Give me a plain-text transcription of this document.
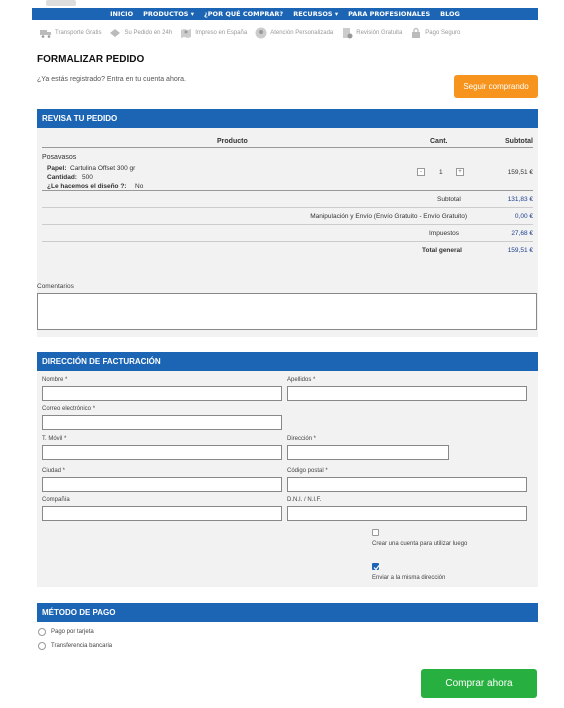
INICIO PRODUCTOS ▾ ¿POR QUÉ COMPRAR? RECURSOS ▾ PARA PROFESIONALES BLOG
Transporte Gratis	Su Pedido en 24h	Impreso en España	Atención Personalizada	Revisión Gratuita	Pago Seguro
FORMALIZAR PEDIDO
¿Ya estás registrado? Entra en tu cuenta ahora.
Seguir comprando
REVISA TU PEDIDO
Producto	Cant.	Subtotal
Posavasos
Papel: Cartulina Offset 300 gr
Cantidad: 500
¿Le hacemos el diseño ?: No
-	1	+	159,51 €
Subtotal	131,83 €
Manipulación y Envío (Envío Gratuito - Envío Gratuito)	0,00 €
Impuestos	27,68 €
Total general	159,51 €
Comentarios
DIRECCIÓN DE FACTURACIÓN
Nombre *	Apellidos *
Correo electrónico *
T. Móvil *	Dirección *
Ciudad *	Código postal *
Compañía	D.N.I. / N.I.F.
Crear una cuenta para utilizar luego
Enviar a la misma dirección
MÉTODO DE PAGO
Pago por tarjeta
Transferencia bancaria
Comprar ahora
